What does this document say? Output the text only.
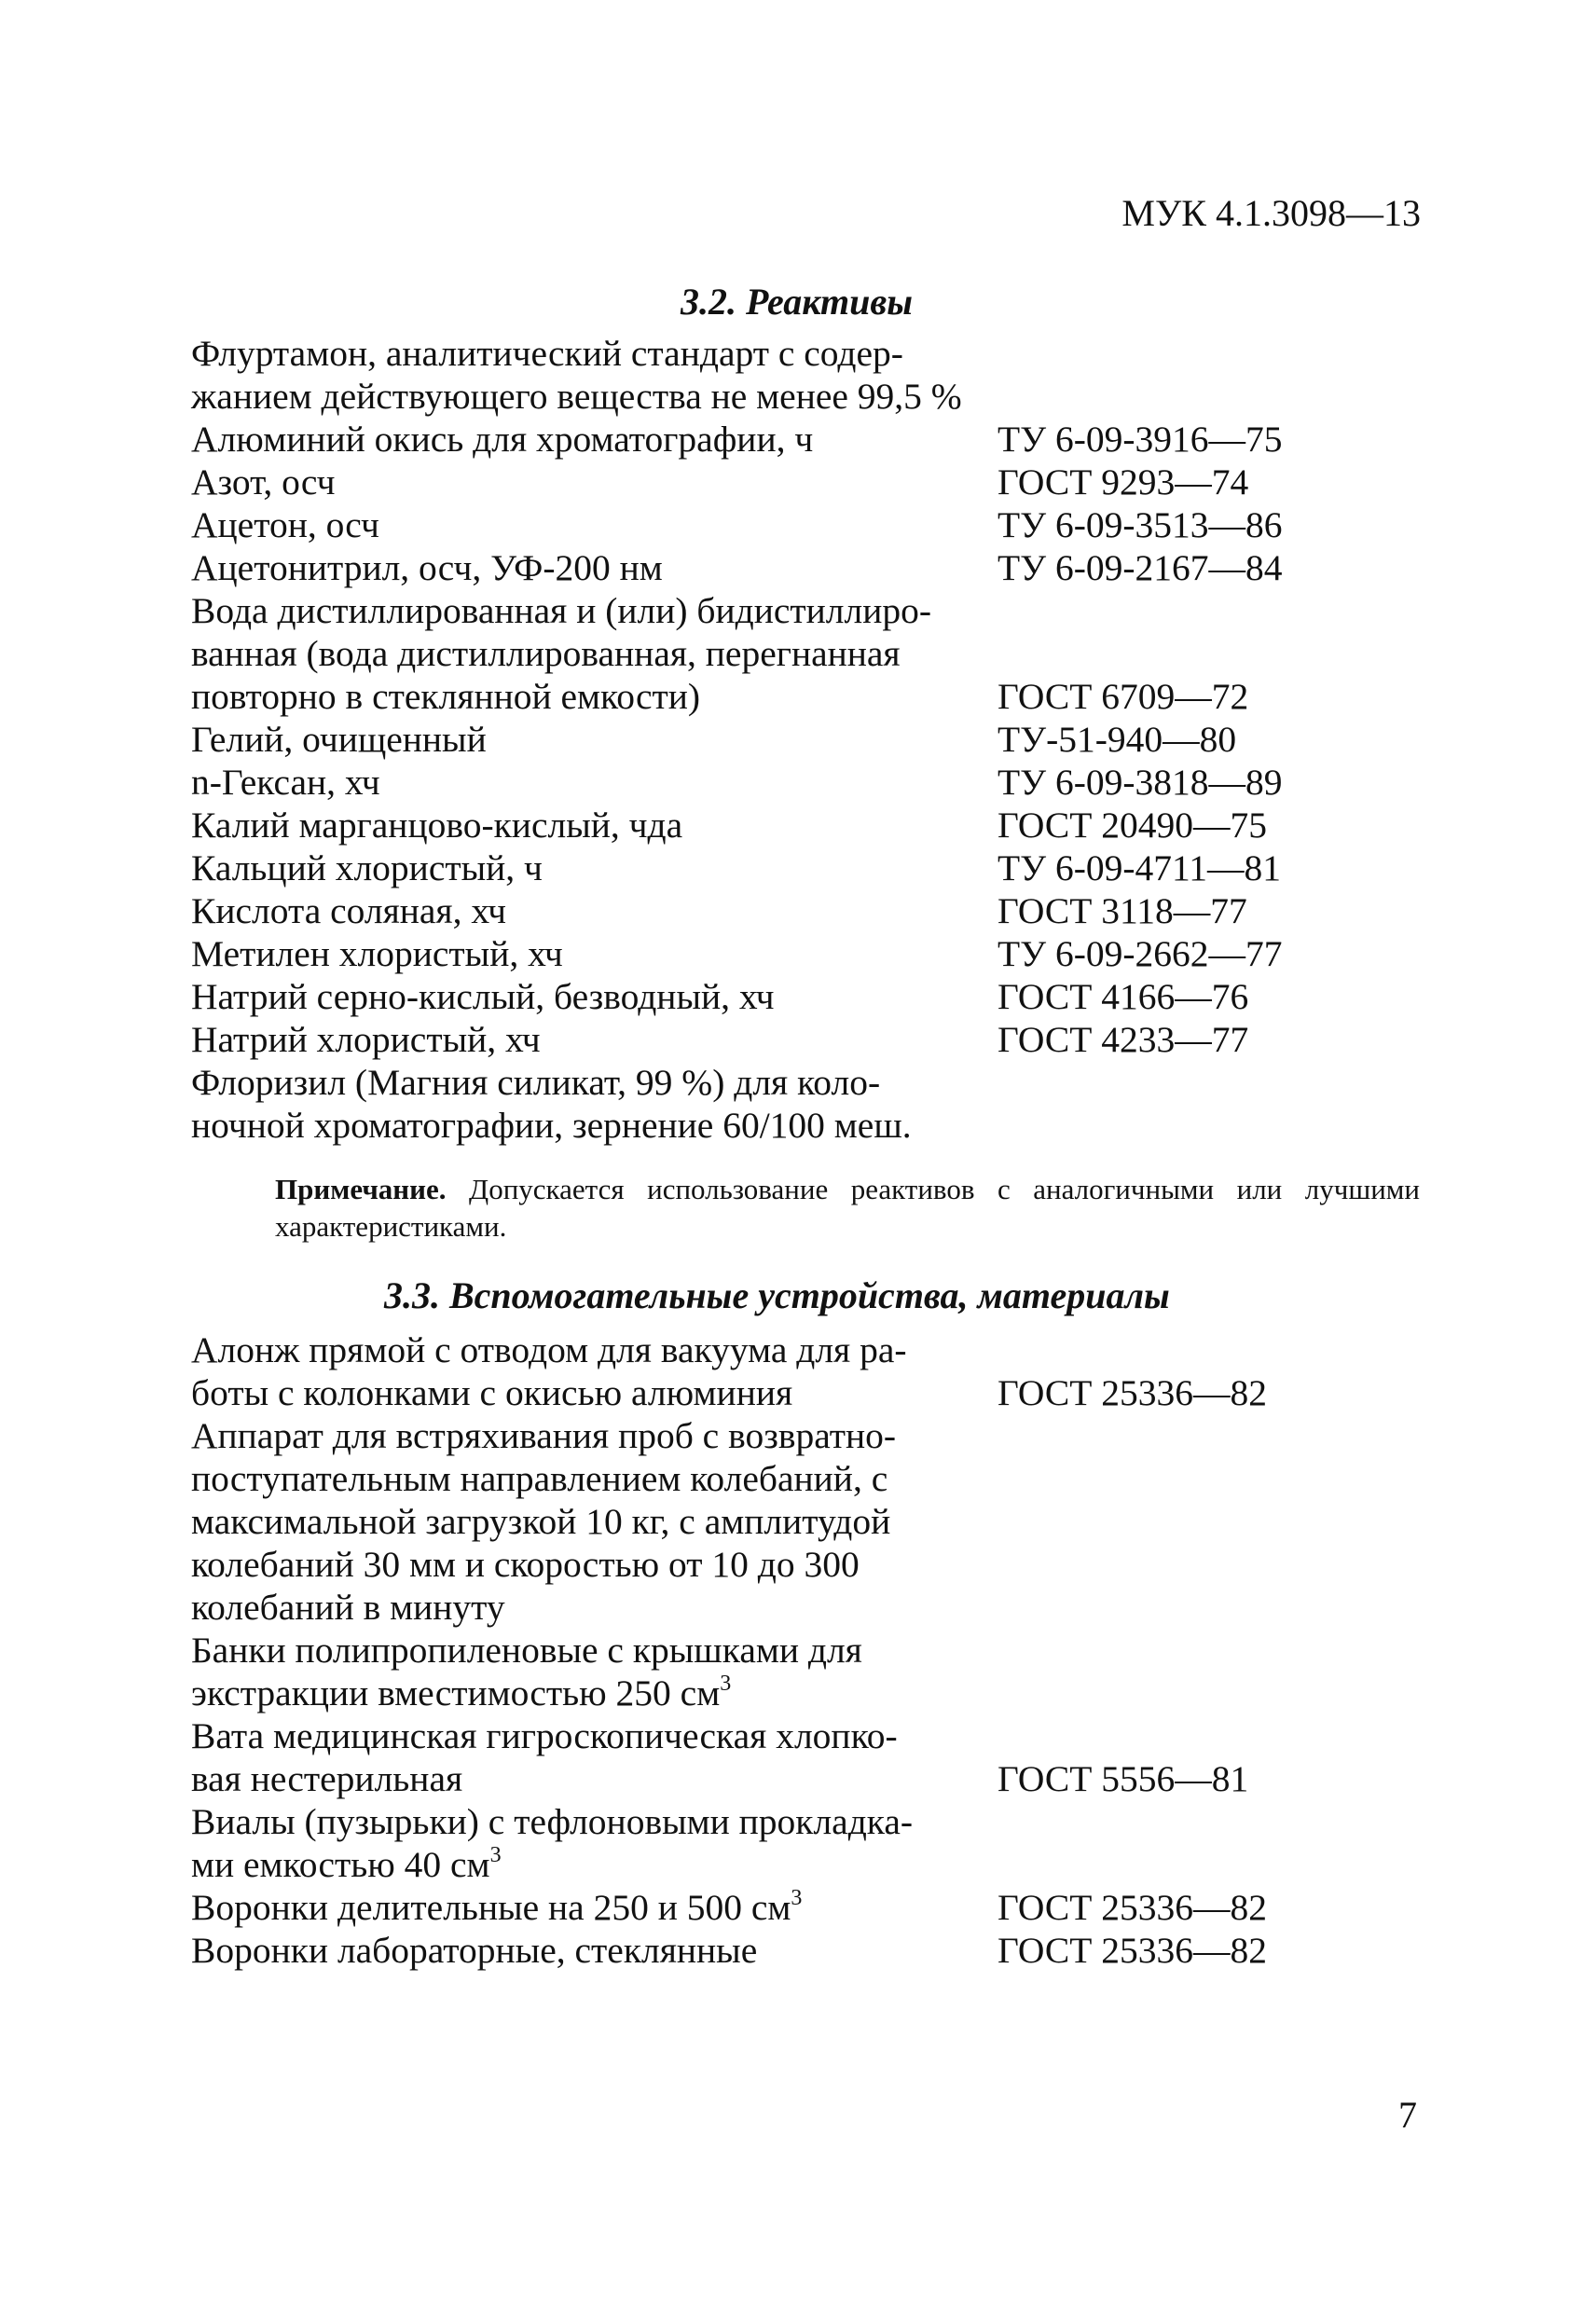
МУК 4.1.3098—13
3.2. Реактивы
Флуртамон, аналитический стандарт с содер-
жанием действующего вещества не менее 99,5 %
Алюминий окись для хроматографии, ч	ТУ 6-09-3916—75
Азот, осч	ГОСТ 9293—74
Ацетон, осч	ТУ 6-09-3513—86
Ацетонитрил, осч, УФ-200 нм	ТУ 6-09-2167—84
Вода дистиллированная и (или) бидистиллиро-
ванная (вода дистиллированная, перегнанная
повторно в стеклянной емкости)	ГОСТ 6709—72
Гелий, очищенный	ТУ-51-940—80
n-Гексан, хч	ТУ 6-09-3818—89
Калий марганцово-кислый, чда	ГОСТ 20490—75
Кальций хлористый, ч	ТУ 6-09-4711—81
Кислота соляная, хч	ГОСТ 3118—77
Метилен хлористый, хч	ТУ 6-09-2662—77
Натрий серно-кислый, безводный, хч	ГОСТ 4166—76
Натрий хлористый, хч	ГОСТ 4233—77
Флоризил (Магния силикат, 99 %) для коло-
ночной хроматографии, зернение 60/100 меш.
Примечание. Допускается использование реактивов с аналогичными или лучшими характеристиками.
3.3. Вспомогательные устройства, материалы
Алонж прямой с отводом для вакуума для ра-
боты с колонками с окисью алюминия	ГОСТ 25336—82
Аппарат для встряхивания проб с возвратно-
поступательным направлением колебаний, с
максимальной загрузкой 10 кг, с амплитудой
колебаний 30 мм и скоростью от 10 до 300
колебаний в минуту
Банки полипропиленовые с крышками для
экстракции вместимостью 250 $см^3$
Вата медицинская гигроскопическая хлопко-
вая нестерильная	ГОСТ 5556—81
Виалы (пузырьки) с тефлоновыми прокладка-
ми емкостью 40 $см^3$
Воронки делительные на 250 и 500 $см^3$	ГОСТ 25336—82
Воронки лабораторные, стеклянные	ГОСТ 25336—82
7
